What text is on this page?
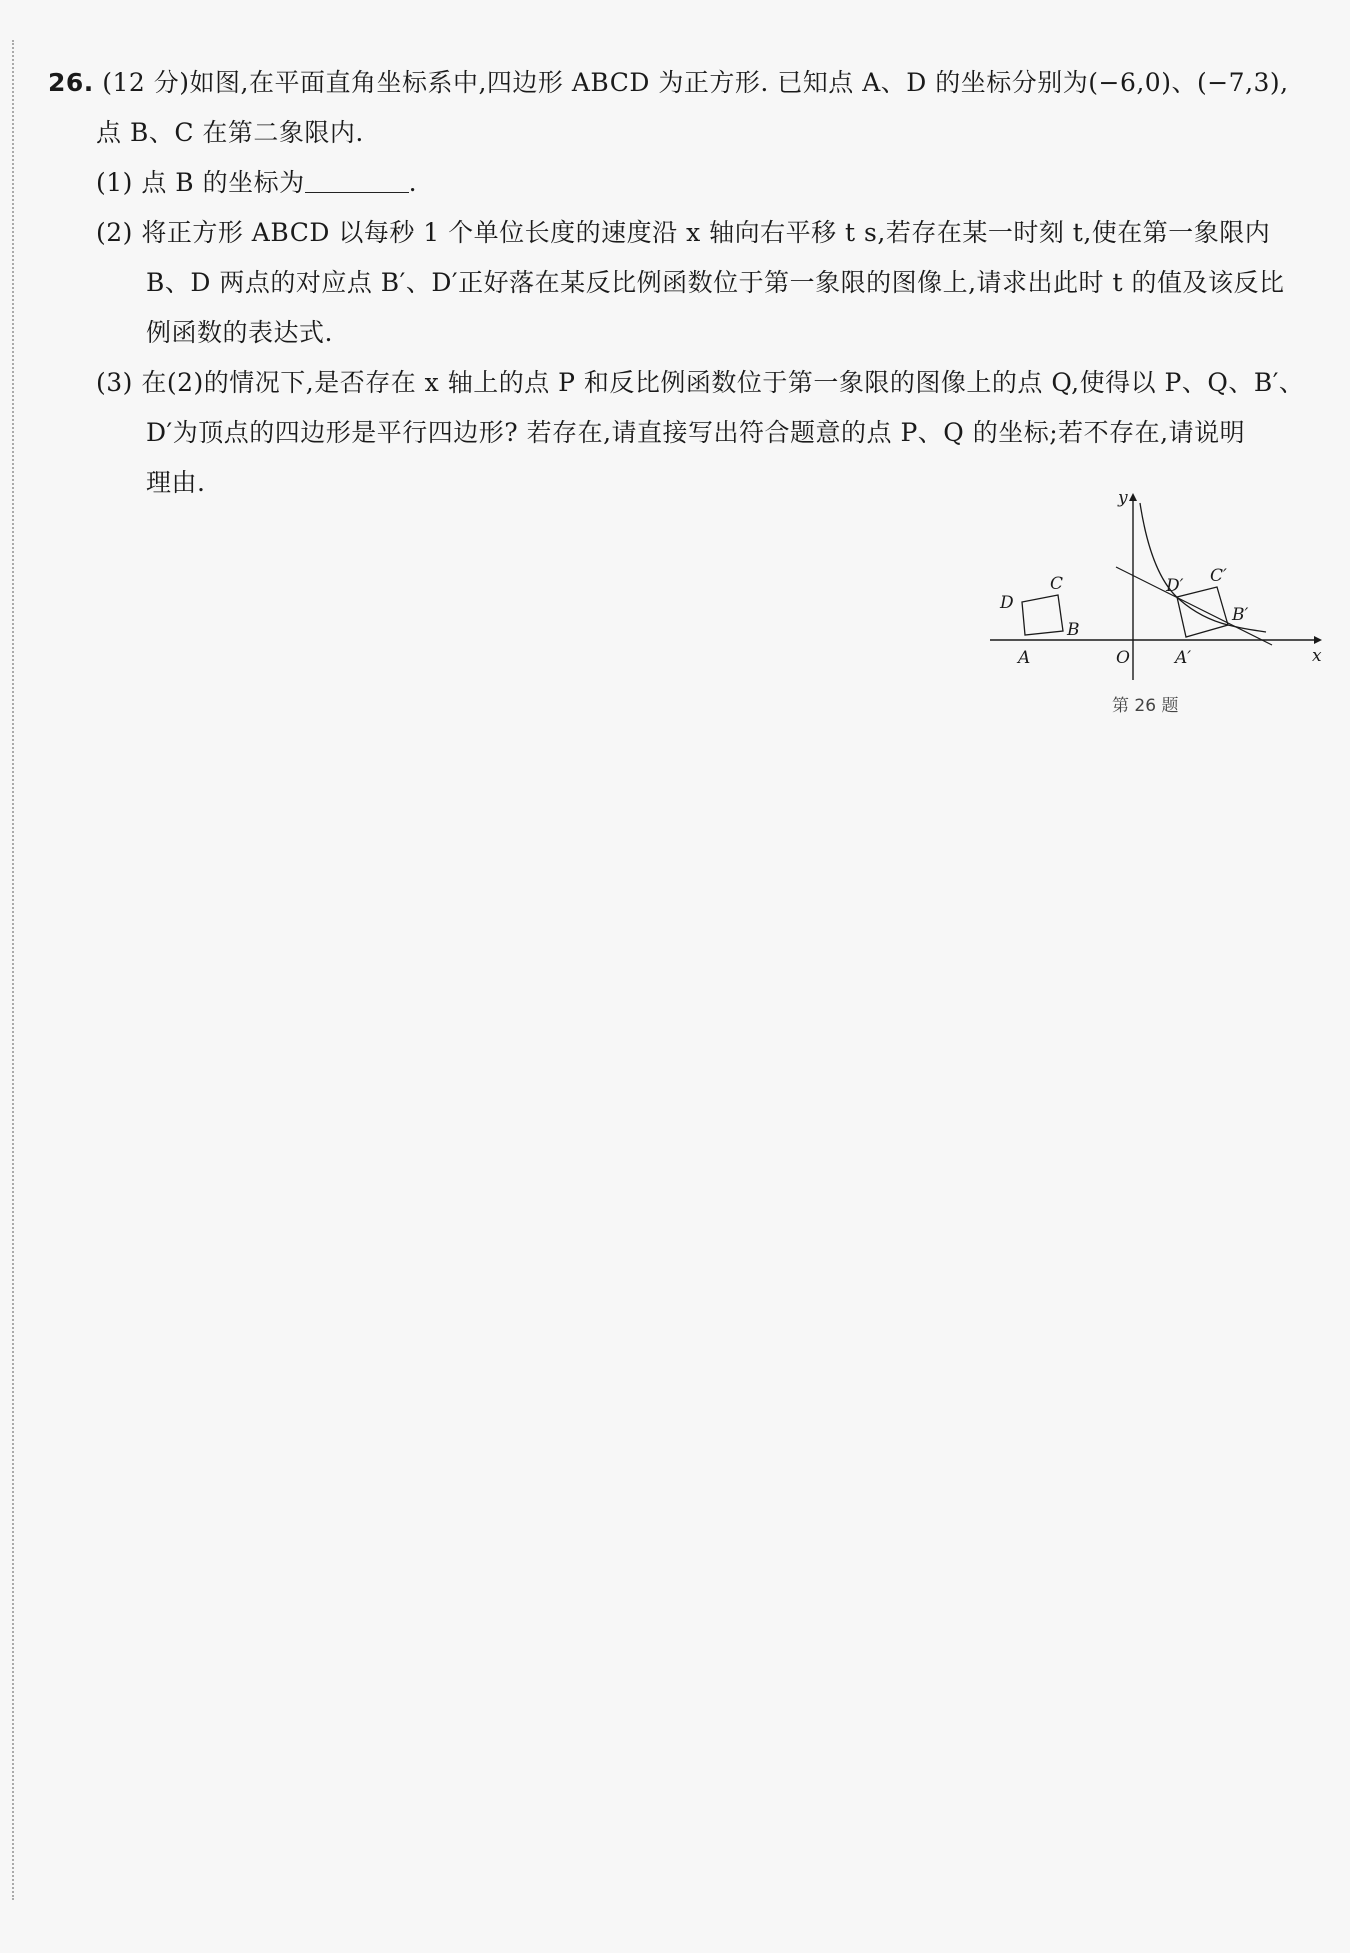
26. (12 分)如图,在平面直角坐标系中,四边形 ABCD 为正方形. 已知点 A、D 的坐标分别为(−6,0)、(−7,3),
点 B、C 在第二象限内.
(1) 点 B 的坐标为	.
(2) 将正方形 ABCD 以每秒 1 个单位长度的速度沿 x 轴向右平移 t s,若存在某一时刻 t,使在第一象限内
B、D 两点的对应点 B′、D′正好落在某反比例函数位于第一象限的图像上,请求出此时 t 的值及该反比
例函数的表达式.
(3) 在(2)的情况下,是否存在 x 轴上的点 P 和反比例函数位于第一象限的图像上的点 Q,使得以 P、Q、B′、
D′为顶点的四边形是平行四边形? 若存在,请直接写出符合题意的点 P、Q 的坐标;若不存在,请说明
理由.
y
x
O
A
B
C
D
A′
B′
C′
D′
第 26 题
